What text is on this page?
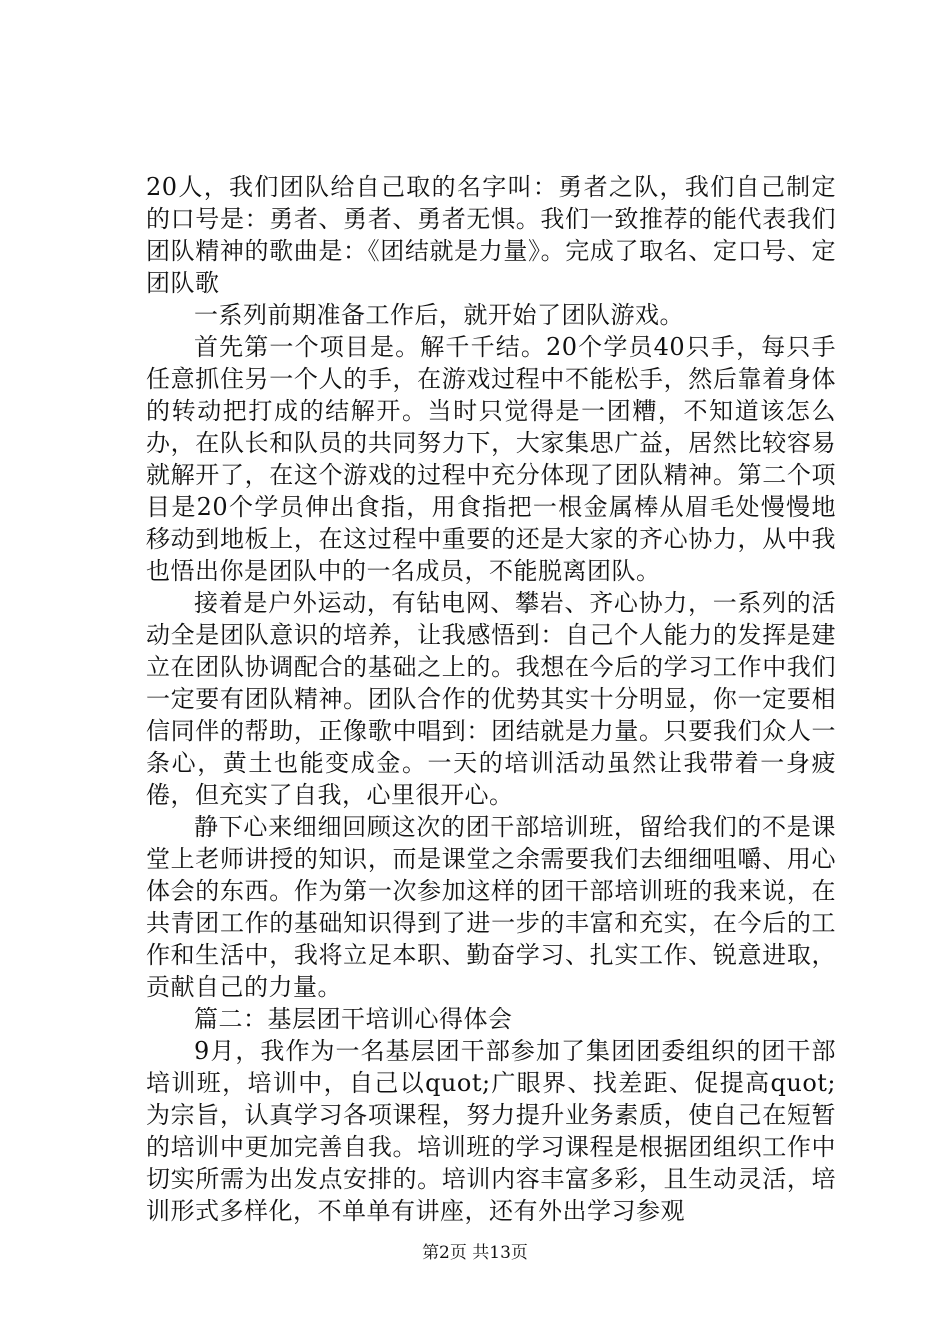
20人，我们团队给自己取的名字叫：勇者之队，我们自己制定的口号是：勇者、勇者、勇者无惧。我们一致推荐的能代表我们团队精神的歌曲是：《团结就是力量》。完成了取名、定口号、定团队歌

一系列前期准备工作后，就开始了团队游戏。

首先第一个项目是。解千千结。20个学员40只手，每只手任意抓住另一个人的手，在游戏过程中不能松手，然后靠着身体的转动把打成的结解开。当时只觉得是一团糟，不知道该怎么办，在队长和队员的共同努力下，大家集思广益，居然比较容易就解开了，在这个游戏的过程中充分体现了团队精神。第二个项目是20个学员伸出食指，用食指把一根金属棒从眉毛处慢慢地移动到地板上，在这过程中重要的还是大家的齐心协力，从中我也悟出你是团队中的一名成员，不能脱离团队。

接着是户外运动，有钻电网、攀岩、齐心协力，一系列的活动全是团队意识的培养，让我感悟到：自己个人能力的发挥是建立在团队协调配合的基础之上的。我想在今后的学习工作中我们一定要有团队精神。团队合作的优势其实十分明显，你一定要相信同伴的帮助，正像歌中唱到：团结就是力量。只要我们众人一条心，黄土也能变成金。一天的培训活动虽然让我带着一身疲倦，但充实了自我，心里很开心。

静下心来细细回顾这次的团干部培训班，留给我们的不是课堂上老师讲授的知识，而是课堂之余需要我们去细细咀嚼、用心体会的东西。作为第一次参加这样的团干部培训班的我来说，在共青团工作的基础知识得到了进一步的丰富和充实，在今后的工作和生活中，我将立足本职、勤奋学习、扎实工作、锐意进取，贡献自己的力量。

篇二：基层团干培训心得体会

9月，我作为一名基层团干部参加了集团团委组织的团干部培训班，培训中，自己以quot;广眼界、找差距、促提高quot;为宗旨，认真学习各项课程，努力提升业务素质，使自己在短暂的培训中更加完善自我。培训班的学习课程是根据团组织工作中切实所需为出发点安排的。培训内容丰富多彩，且生动灵活，培训形式多样化，不单单有讲座，还有外出学习参观

第2页 共13页
